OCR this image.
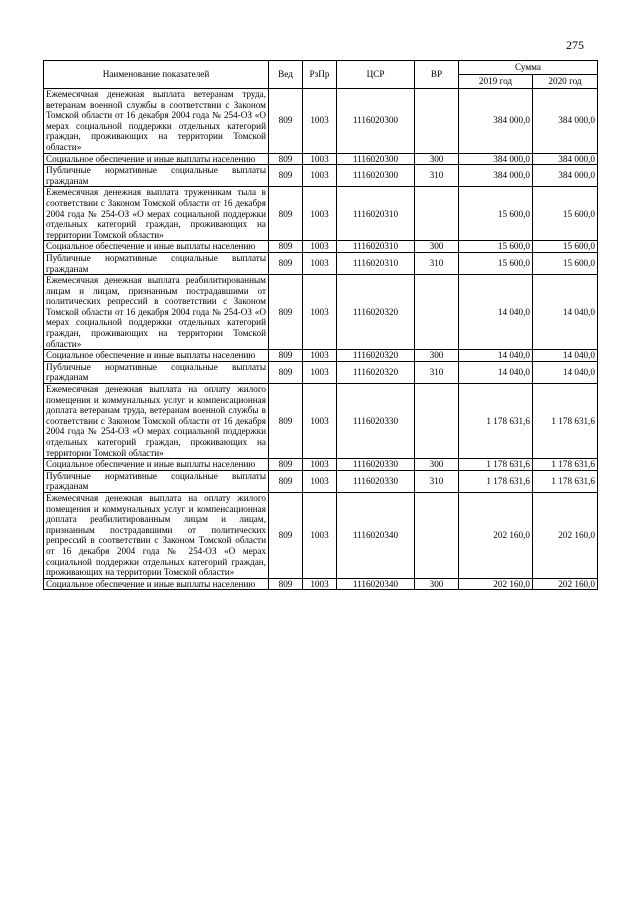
275
Наименование показателей	Вед	РзПр	ЦСР	ВР	Сумма	
					2019 год	2020 год
Ежемесячная денежная выплата ветеранам труда, ветеранам военной службы в соответствии с Законом Томской области от 16 декабря 2004 года № 254-ОЗ «О мерах социальной поддержки отдельных категорий граждан, проживающих на территории Томской области»	809	1003	1116020300		384 000,0	384 000,0
Социальное обеспечение и иные выплаты населению	809	1003	1116020300	300	384 000,0	384 000,0
Публичные нормативные социальные выплаты гражданам	809	1003	1116020300	310	384 000,0	384 000,0
Ежемесячная денежная выплата труженикам тыла в соответствии с Законом Томской области от 16 декабря 2004 года № 254-ОЗ «О мерах социальной поддержки отдельных категорий граждан, проживающих на территории Томской области»	809	1003	1116020310		15 600,0	15 600,0
Социальное обеспечение и иные выплаты населению	809	1003	1116020310	300	15 600,0	15 600,0
Публичные нормативные социальные выплаты гражданам	809	1003	1116020310	310	15 600,0	15 600,0
Ежемесячная денежная выплата реабилитированным лицам и лицам, признанным пострадавшими от политических репрессий в соответствии с Законом Томской области от 16 декабря 2004 года № 254-ОЗ «О мерах социальной поддержки отдельных категорий граждан, проживающих на территории Томской области»	809	1003	1116020320		14 040,0	14 040,0
Социальное обеспечение и иные выплаты населению	809	1003	1116020320	300	14 040,0	14 040,0
Публичные нормативные социальные выплаты гражданам	809	1003	1116020320	310	14 040,0	14 040,0
Ежемесячная денежная выплата на оплату жилого помещения и коммунальных услуг и компенсационная доплата ветеранам труда, ветеранам военной службы в соответствии с Законом Томской области от 16 декабря 2004 года № 254-ОЗ «О мерах социальной поддержки отдельных категорий граждан, проживающих на территории Томской области»	809	1003	1116020330		1 178 631,6	1 178 631,6
Социальное обеспечение и иные выплаты населению	809	1003	1116020330	300	1 178 631,6	1 178 631,6
Публичные нормативные социальные выплаты гражданам	809	1003	1116020330	310	1 178 631,6	1 178 631,6
Ежемесячная денежная выплата на оплату жилого помещения и коммунальных услуг и компенсационная доплата реабилитированным лицам и лицам, признанным пострадавшими от политических репрессий в соответствии с Законом Томской области от 16 декабря 2004 года № 254-ОЗ «О мерах социальной поддержки отдельных категорий граждан, проживающих на территории Томской области»	809	1003	1116020340		202 160,0	202 160,0
Социальное обеспечение и иные выплаты населению	809	1003	1116020340	300	202 160,0	202 160,0
